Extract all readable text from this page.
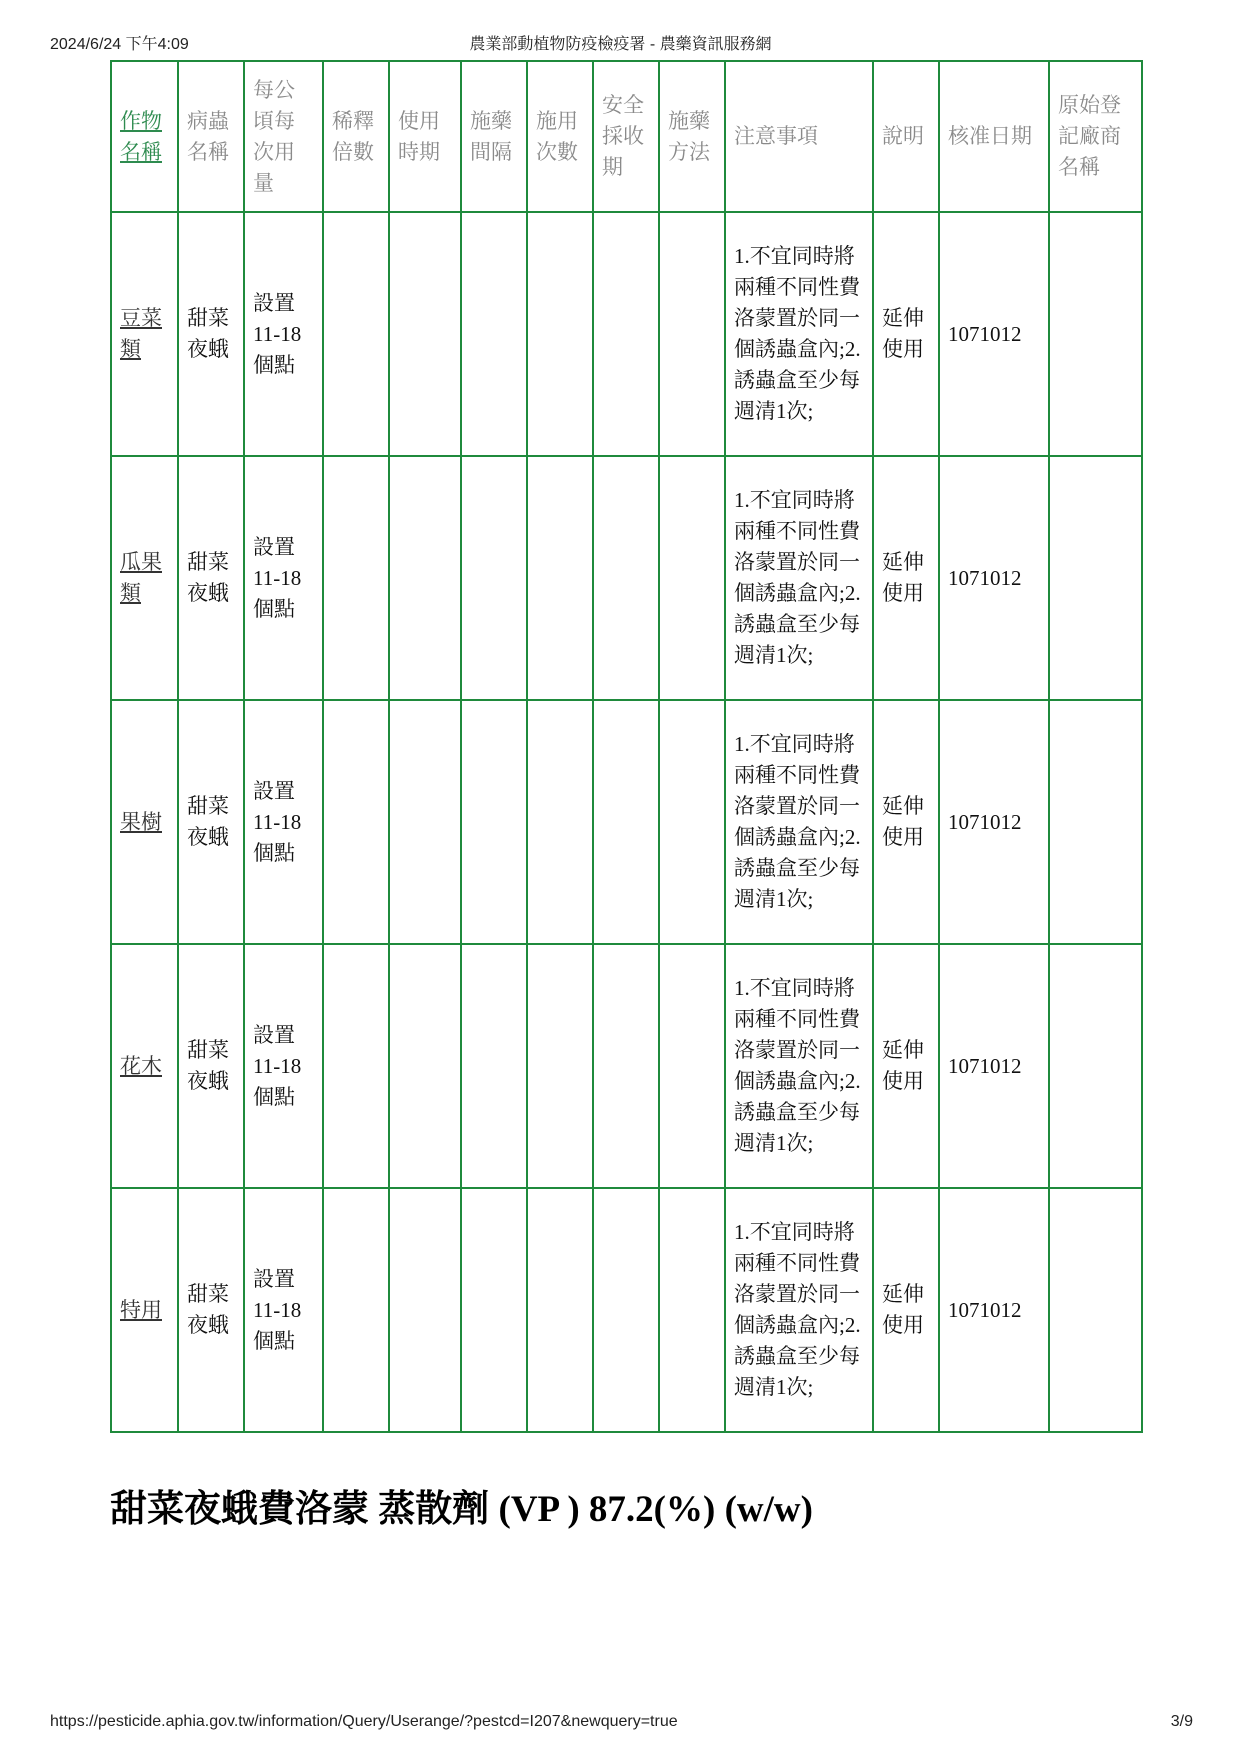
2024/6/24 下午4:09	農業部動植物防疫檢疫署 - 農藥資訊服務網
作物名稱	病蟲名稱	每公頃每次用量	稀釋倍數	使用時期	施藥間隔	施用次數	安全採收期	施藥方法	注意事項	說明	核准日期	原始登記廠商名稱
豆菜類	甜菜夜蛾	設置11-18個點							1.不宜同時將兩種不同性費洛蒙置於同一個誘蟲盒內;2.誘蟲盒至少每週清1次;	延伸使用	1071012	
瓜果類	甜菜夜蛾	設置11-18個點							1.不宜同時將兩種不同性費洛蒙置於同一個誘蟲盒內;2.誘蟲盒至少每週清1次;	延伸使用	1071012	
果樹	甜菜夜蛾	設置11-18個點							1.不宜同時將兩種不同性費洛蒙置於同一個誘蟲盒內;2.誘蟲盒至少每週清1次;	延伸使用	1071012	
花木	甜菜夜蛾	設置11-18個點							1.不宜同時將兩種不同性費洛蒙置於同一個誘蟲盒內;2.誘蟲盒至少每週清1次;	延伸使用	1071012	
特用	甜菜夜蛾	設置11-18個點							1.不宜同時將兩種不同性費洛蒙置於同一個誘蟲盒內;2.誘蟲盒至少每週清1次;	延伸使用	1071012	
甜菜夜蛾費洛蒙 蒸散劑 (VP ) 87.2(%) (w/w)
https://pesticide.aphia.gov.tw/information/Query/Userange/?pestcd=I207&newquery=true	3/9
